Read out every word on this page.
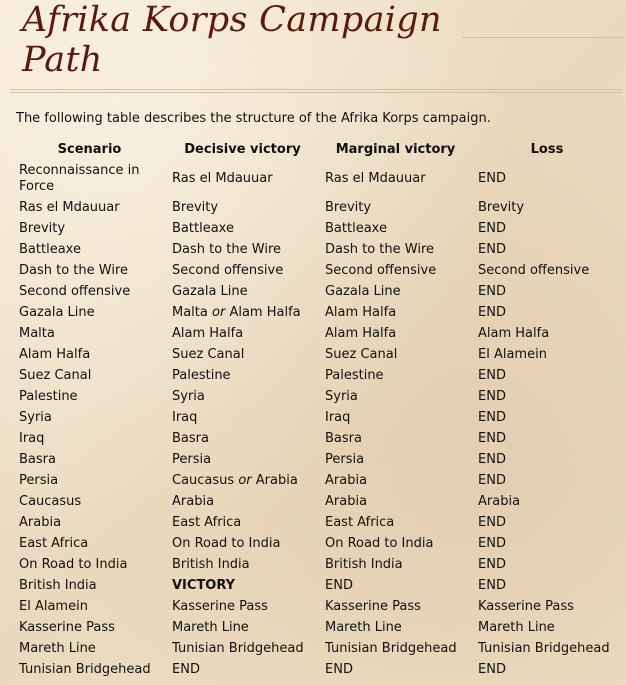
Afrika Korps Campaign
Path

The following table describes the structure of the Afrika Korps campaign.

Scenario	Decisive victory	Marginal victory	Loss
Reconnaissance in Force	Ras el Mdauuar	Ras el Mdauuar	END
Ras el Mdauuar	Brevity	Brevity	Brevity
Brevity	Battleaxe	Battleaxe	END
Battleaxe	Dash to the Wire	Dash to the Wire	END
Dash to the Wire	Second offensive	Second offensive	Second offensive
Second offensive	Gazala Line	Gazala Line	END
Gazala Line	Malta or Alam Halfa	Alam Halfa	END
Malta	Alam Halfa	Alam Halfa	Alam Halfa
Alam Halfa	Suez Canal	Suez Canal	El Alamein
Suez Canal	Palestine	Palestine	END
Palestine	Syria	Syria	END
Syria	Iraq	Iraq	END
Iraq	Basra	Basra	END
Basra	Persia	Persia	END
Persia	Caucasus or Arabia	Arabia	END
Caucasus	Arabia	Arabia	Arabia
Arabia	East Africa	East Africa	END
East Africa	On Road to India	On Road to India	END
On Road to India	British India	British India	END
British India	VICTORY	END	END
El Alamein	Kasserine Pass	Kasserine Pass	Kasserine Pass
Kasserine Pass	Mareth Line	Mareth Line	Mareth Line
Mareth Line	Tunisian Bridgehead	Tunisian Bridgehead	Tunisian Bridgehead
Tunisian Bridgehead	END	END	END
